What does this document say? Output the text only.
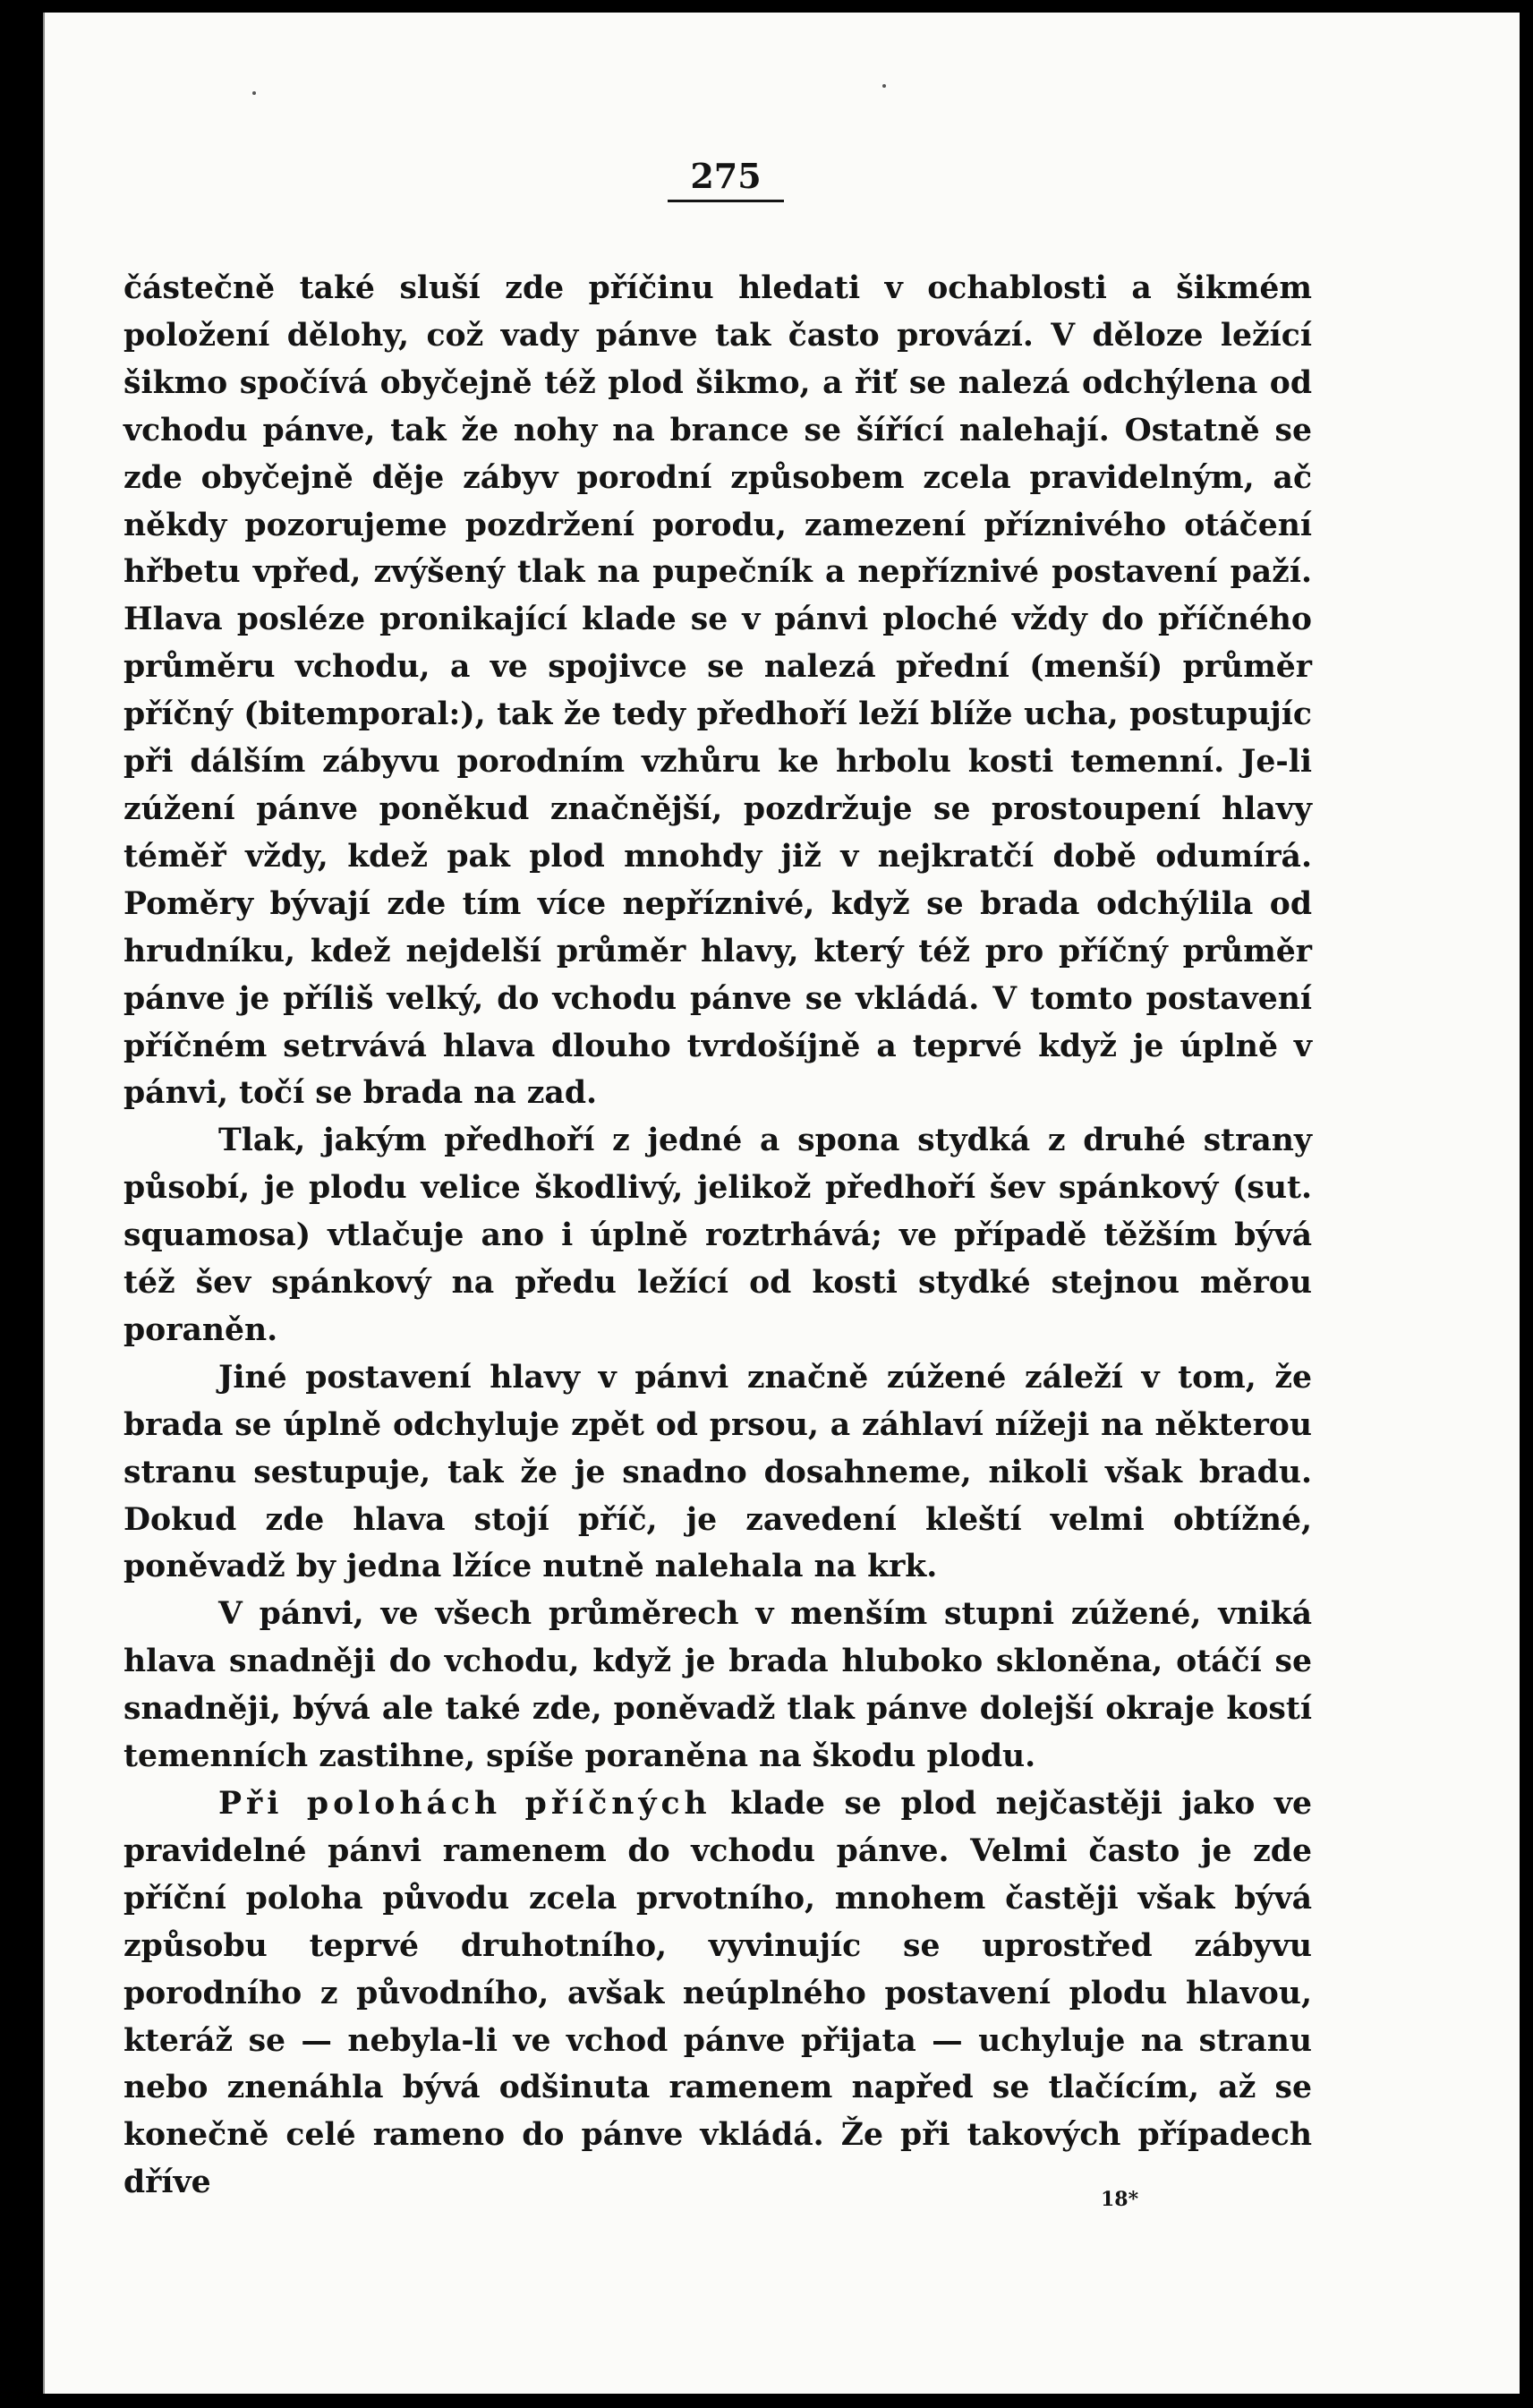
275

částečně také sluší zde příčinu hledati v ochablosti a šikmém položení dělohy, což vady pánve tak často provází. V děloze ležící šikmo spočívá obyčejně též plod šikmo, a řiť se nalezá odchýlena od vchodu pánve, tak že nohy na brance se šířící nalehají. Ostatně se zde obyčejně děje zábyv porodní způsobem zcela pravidelným, ač někdy pozorujeme pozdržení porodu, zamezení příznivého otáčení hřbetu vpřed, zvýšený tlak na pupečník a nepříznivé postavení paží. Hlava posléze pronikající klade se v pánvi ploché vždy do příčného průměru vchodu, a ve spojivce se nalezá přední (menší) průměr příčný (bitemporal:), tak že tedy předhoří leží blíže ucha, postupujíc při dálším zábyvu porodním vzhůru ke hrbolu kosti temenní. Je-li zúžení pánve poněkud značnější, pozdržuje se prostoupení hlavy téměř vždy, kdež pak plod mnohdy již v nejkratčí době odumírá. Poměry bývají zde tím více nepříznivé, když se brada odchýlila od hrudníku, kdež nejdelší průměr hlavy, který též pro příčný průměr pánve je příliš velký, do vchodu pánve se vkládá. V tomto postavení příčném setrvává hlava dlouho tvrdošíjně a teprvé když je úplně v pánvi, točí se brada na zad.

Tlak, jakým předhoří z jedné a spona stydká z druhé strany působí, je plodu velice škodlivý, jelikož předhoří šev spánkový (sut. squamosa) vtlačuje ano i úplně roztrhává; ve případě těžším bývá též šev spánkový na předu ležící od kosti stydké stejnou měrou poraněn.

Jiné postavení hlavy v pánvi značně zúžené záleží v tom, že brada se úplně odchyluje zpět od prsou, a záhlaví nížeji na některou stranu sestupuje, tak že je snadno dosahneme, nikoli však bradu. Dokud zde hlava stojí příč, je zavedení kleští velmi obtížné, poněvadž by jedna lžíce nutně nalehala na krk.

V pánvi, ve všech průměrech v menším stupni zúžené, vniká hlava snadněji do vchodu, když je brada hluboko skloněna, otáčí se snadněji, bývá ale také zde, poněvadž tlak pánve dolejší okraje kostí temenních zastihne, spíše poraněna na škodu plodu.

Při polohách příčných klade se plod nejčastěji jako ve pravidelné pánvi ramenem do vchodu pánve. Velmi často je zde příční poloha původu zcela prvotního, mnohem častěji však bývá způsobu teprvé druhotního, vyvinujíc se uprostřed zábyvu porodního z původního, avšak neúplného postavení plodu hlavou, kteráž se — nebyla-li ve vchod pánve přijata — uchyluje na stranu nebo znenáhla bývá odšinuta ramenem napřed se tlačícím, až se konečně celé rameno do pánve vkládá. Že při takových případech dříve	18*
